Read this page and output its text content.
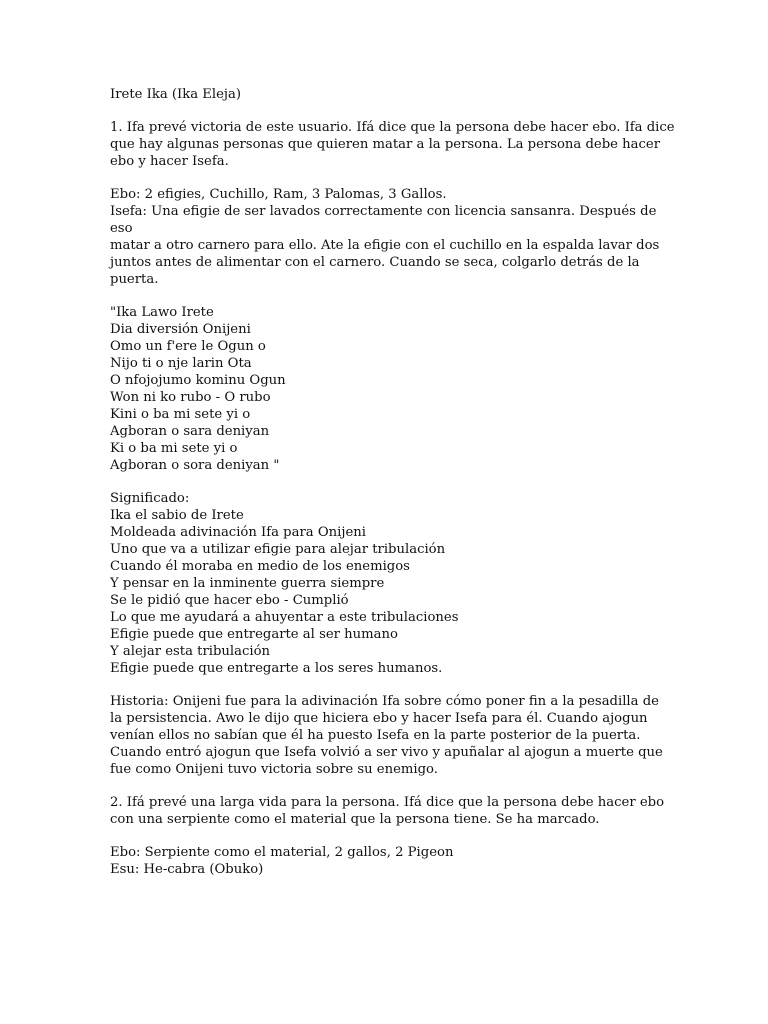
Irete Ika (Ika Eleja)
1. Ifa prevé victoria de este usuario. Ifá dice que la persona debe hacer ebo. Ifa dice
que hay algunas personas que quieren matar a la persona. La persona debe hacer
ebo y hacer Isefa.
Ebo: 2 efigies, Cuchillo, Ram, 3 Palomas, 3 Gallos.
Isefa: Una efigie de ser lavados correctamente con licencia sansanra. Después de
eso
matar a otro carnero para ello. Ate la efigie con el cuchillo en la espalda lavar dos
juntos antes de alimentar con el carnero. Cuando se seca, colgarlo detrás de la
puerta.
"Ika Lawo Irete
Dia diversión Onijeni
Omo un f'ere le Ogun o
Nijo ti o nje larin Ota
O nfojojumo kominu Ogun
Won ni ko rubo - O rubo
Kini o ba mi sete yi o
Agboran o sara deniyan
Ki o ba mi sete yi o
Agboran o sora deniyan "
Significado:
Ika el sabio de Irete
Moldeada adivinación Ifa para Onijeni
Uno que va a utilizar efigie para alejar tribulación
Cuando él moraba en medio de los enemigos
Y pensar en la inminente guerra siempre
Se le pidió que hacer ebo - Cumplió
Lo que me ayudará a ahuyentar a este tribulaciones
Efigie puede que entregarte al ser humano
Y alejar esta tribulación
Efigie puede que entregarte a los seres humanos.
Historia: Onijeni fue para la adivinación Ifa sobre cómo poner fin a la pesadilla de
la persistencia. Awo le dijo que hiciera ebo y hacer Isefa para él. Cuando ajogun
venían ellos no sabían que él ha puesto Isefa en la parte posterior de la puerta.
Cuando entró ajogun que Isefa volvió a ser vivo y apuñalar al ajogun a muerte que
fue como Onijeni tuvo victoria sobre su enemigo.
2. Ifá prevé una larga vida para la persona. Ifá dice que la persona debe hacer ebo
con una serpiente como el material que la persona tiene. Se ha marcado.
Ebo: Serpiente como el material, 2 gallos, 2 Pigeon
Esu: He-cabra (Obuko)
